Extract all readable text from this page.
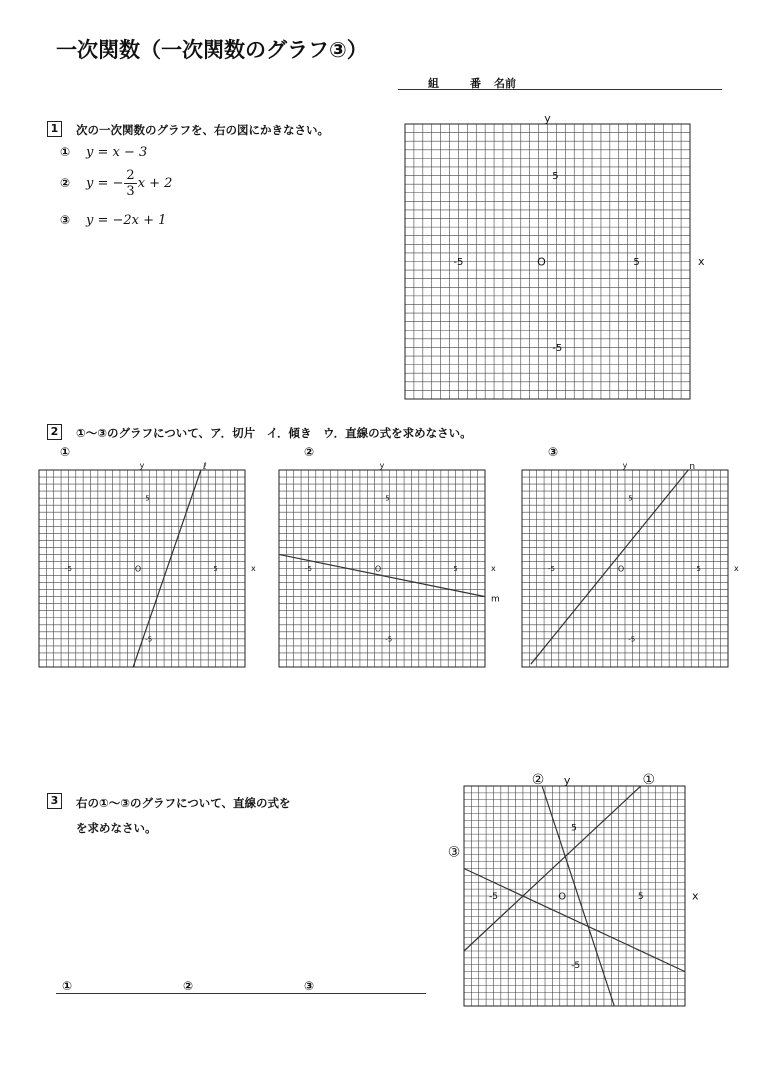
一次関数（一次関数のグラフ③）
組	番 名前
1	次の一次関数のグラフを、右の図にかきなさい。
① y = x − 3
② y = − $\frac{2}{3}$ x + 2
③ y = −2x + 1
2	①〜③のグラフについて、ア．切片　イ．傾き　ウ．直線の式を求めなさい。
①	②	③
3	右の①〜③のグラフについて、直線の式を
を求めなさい。
①	②	③
-5	5
5
-5
O	x
y
-5	5
5
-5
O	x
y	ℓ
-5	5
5
-5
O	x
y
m
-5	5
5
-5
O	x
y	n
-5	5
5
-5
O	x
y	①
②
③
